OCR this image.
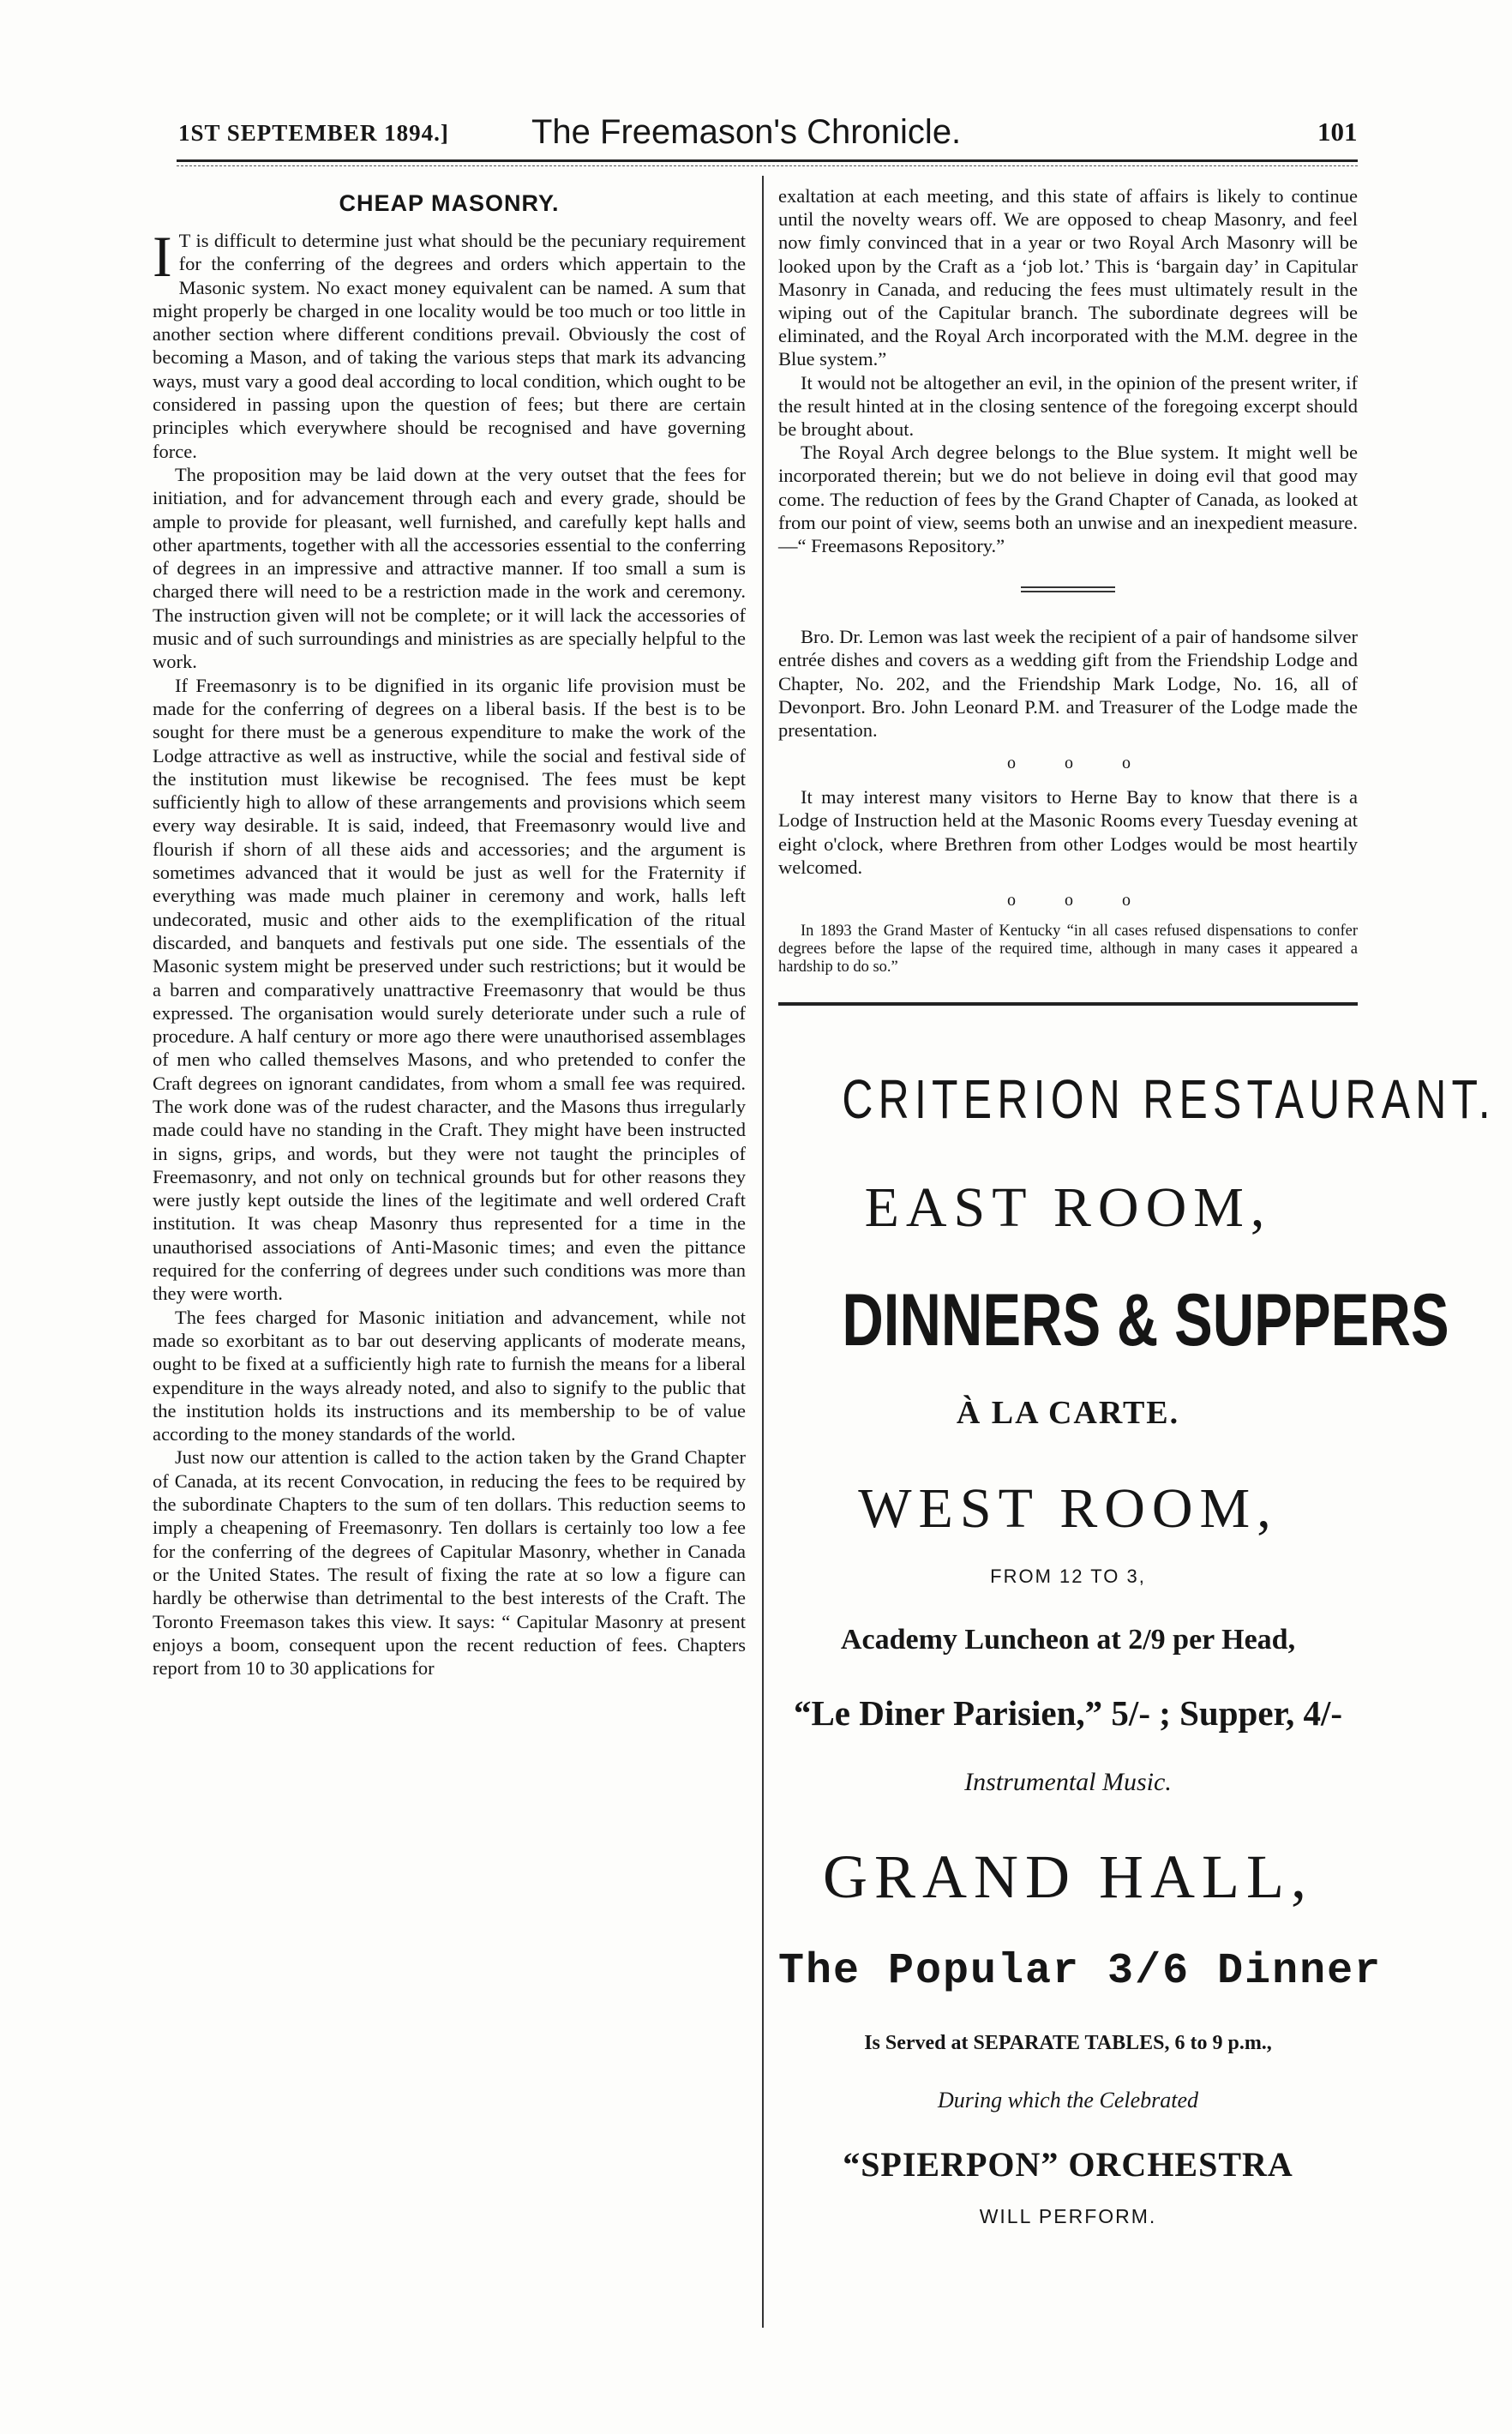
1ST SEPTEMBER 1894.] The Freemason's Chronicle.	101
CHEAP MASONRY.

I T is difficult to determine just what should be the pecuniary requirement for the conferring of the degrees and orders which appertain to the Masonic system. No exact money equivalent can be named. A sum that might properly be charged in one locality would be too much or too little in another section where different conditions prevail. Obviously the cost of becoming a Mason, and of taking the various steps that mark its advancing ways, must vary a good deal according to local condition, which ought to be considered in passing upon the question of fees; but there are certain principles which everywhere should be recognised and have governing force.

The proposition may be laid down at the very outset that the fees for initiation, and for advancement through each and every grade, should be ample to provide for pleasant, well furnished, and carefully kept halls and other apartments, together with all the accessories essential to the conferring of degrees in an impressive and attractive manner. If too small a sum is charged there will need to be a restriction made in the work and ceremony. The instruction given will not be complete; or it will lack the accessories of music and of such surroundings and ministries as are specially helpful to the work.

If Freemasonry is to be dignified in its organic life provision must be made for the conferring of degrees on a liberal basis. If the best is to be sought for there must be a generous expenditure to make the work of the Lodge attractive as well as instructive, while the social and festival side of the institution must likewise be recognised. The fees must be kept sufficiently high to allow of these arrangements and provisions which seem every way desirable. It is said, indeed, that Freemasonry would live and flourish if shorn of all these aids and accessories; and the argument is sometimes advanced that it would be just as well for the Fraternity if everything was made much plainer in ceremony and work, halls left undecorated, music and other aids to the exemplification of the ritual discarded, and banquets and festivals put one side. The essentials of the Masonic system might be preserved under such restrictions; but it would be a barren and comparatively unattractive Freemasonry that would be thus expressed. The organisation would surely deteriorate under such a rule of procedure. A half century or more ago there were unauthorised assemblages of men who called themselves Masons, and who pretended to confer the Craft degrees on ignorant candidates, from whom a small fee was required. The work done was of the rudest character, and the Masons thus irregularly made could have no standing in the Craft. They might have been instructed in signs, grips, and words, but they were not taught the principles of Freemasonry, and not only on technical grounds but for other reasons they were justly kept outside the lines of the legitimate and well ordered Craft institution. It was cheap Masonry thus represented for a time in the unauthorised associations of Anti-Masonic times; and even the pittance required for the conferring of degrees under such conditions was more than they were worth.

The fees charged for Masonic initiation and advancement, while not made so exorbitant as to bar out deserving applicants of moderate means, ought to be fixed at a sufficiently high rate to furnish the means for a liberal expenditure in the ways already noted, and also to signify to the public that the institution holds its instructions and its membership to be of value according to the money standards of the world.

Just now our attention is called to the action taken by the Grand Chapter of Canada, at its recent Convocation, in reducing the fees to be required by the subordinate Chapters to the sum of ten dollars. This reduction seems to imply a cheapening of Freemasonry. Ten dollars is certainly too low a fee for the conferring of the degrees of Capitular Masonry, whether in Canada or the United States. The result of fixing the rate at so low a figure can hardly be otherwise than detrimental to the best interests of the Craft. The Toronto Freemason takes this view. It says: “ Capitular Masonry at present enjoys a boom, consequent upon the recent reduction of fees. Chapters report from 10 to 30 applications for

exaltation at each meeting, and this state of affairs is likely to continue until the novelty wears off. We are opposed to cheap Masonry, and feel now fimly convinced that in a year or two Royal Arch Masonry will be looked upon by the Craft as a ‘job lot.’ This is ‘bargain day’ in Capitular Masonry in Canada, and reducing the fees must ultimately result in the wiping out of the Capitular branch. The subordinate degrees will be eliminated, and the Royal Arch incorporated with the M.M. degree in the Blue system.”

It would not be altogether an evil, in the opinion of the present writer, if the result hinted at in the closing sentence of the foregoing excerpt should be brought about.

The Royal Arch degree belongs to the Blue system. It might well be incorporated therein; but we do not believe in doing evil that good may come. The reduction of fees by the Grand Chapter of Canada, as looked at from our point of view, seems both an unwise and an inexpedient measure.—“ Freemasons Repository.”

Bro. Dr. Lemon was last week the recipient of a pair of handsome silver entrée dishes and covers as a wedding gift from the Friendship Lodge and Chapter, No. 202, and the Friendship Mark Lodge, No. 16, all of Devonport. Bro. John Leonard P.M. and Treasurer of the Lodge made the presentation.

o o o

It may interest many visitors to Herne Bay to know that there is a Lodge of Instruction held at the Masonic Rooms every Tuesday evening at eight o'clock, where Brethren from other Lodges would be most heartily welcomed.

o o o

In 1893 the Grand Master of Kentucky “in all cases refused dispensations to confer degrees before the lapse of the required time, although in many cases it appeared a hardship to do so.”

CRITERION RESTAURANT.
EAST ROOM,
DINNERS & SUPPERS
À LA CARTE.
WEST ROOM,
FROM 12 TO 3,
Academy Luncheon at 2/9 per Head,
“Le Diner Parisien,” 5/- ; Supper, 4/-
Instrumental Music.
GRAND HALL,
The Popular 3/6 Dinner
Is Served at SEPARATE TABLES, 6 to 9 p.m.,
During which the Celebrated
“SPIERPON” ORCHESTRA
WILL PERFORM.
